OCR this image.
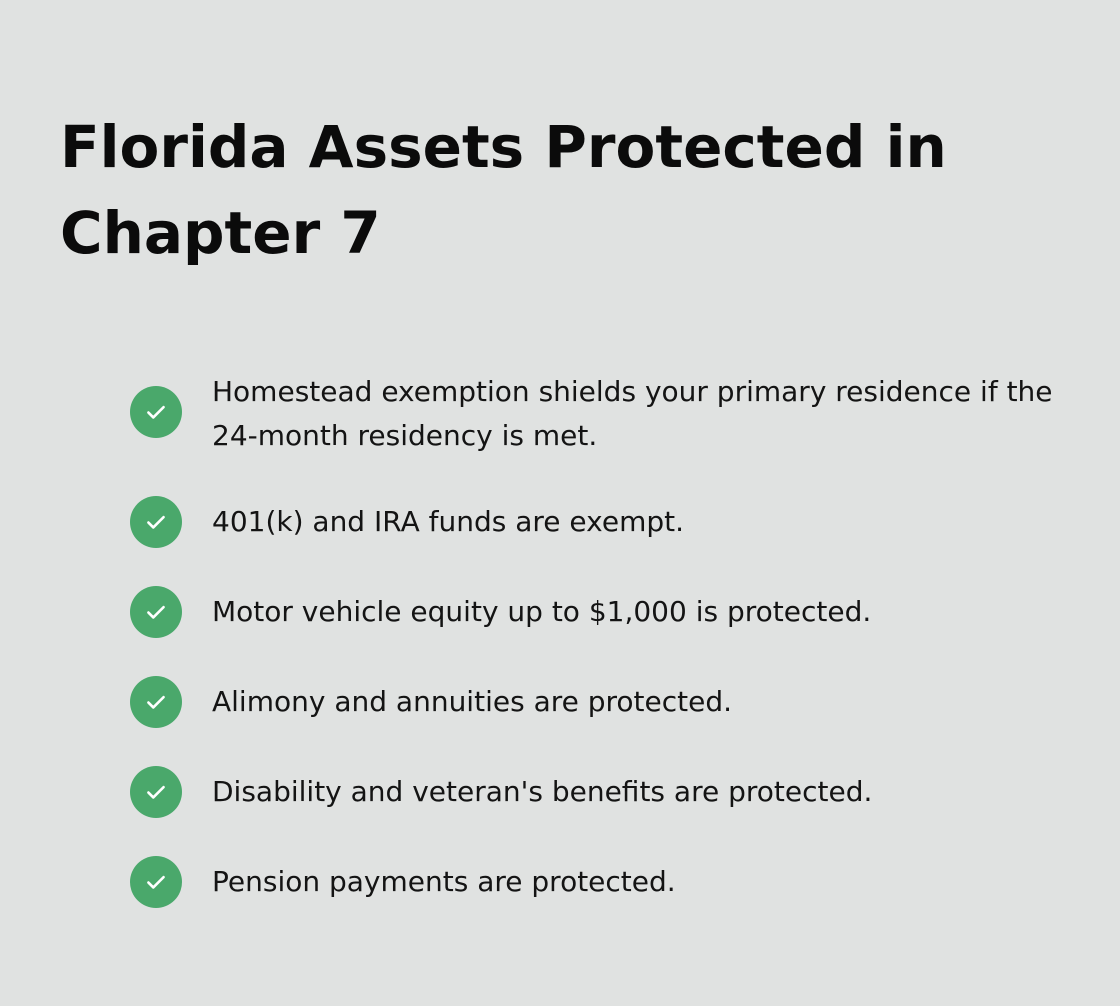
Florida Assets Protected in Chapter 7
Homestead exemption shields your primary residence if the 24-month residency is met.
401(k) and IRA funds are exempt.
Motor vehicle equity up to $1,000 is protected.
Alimony and annuities are protected.
Disability and veteran's benefits are protected.
Pension payments are protected.
